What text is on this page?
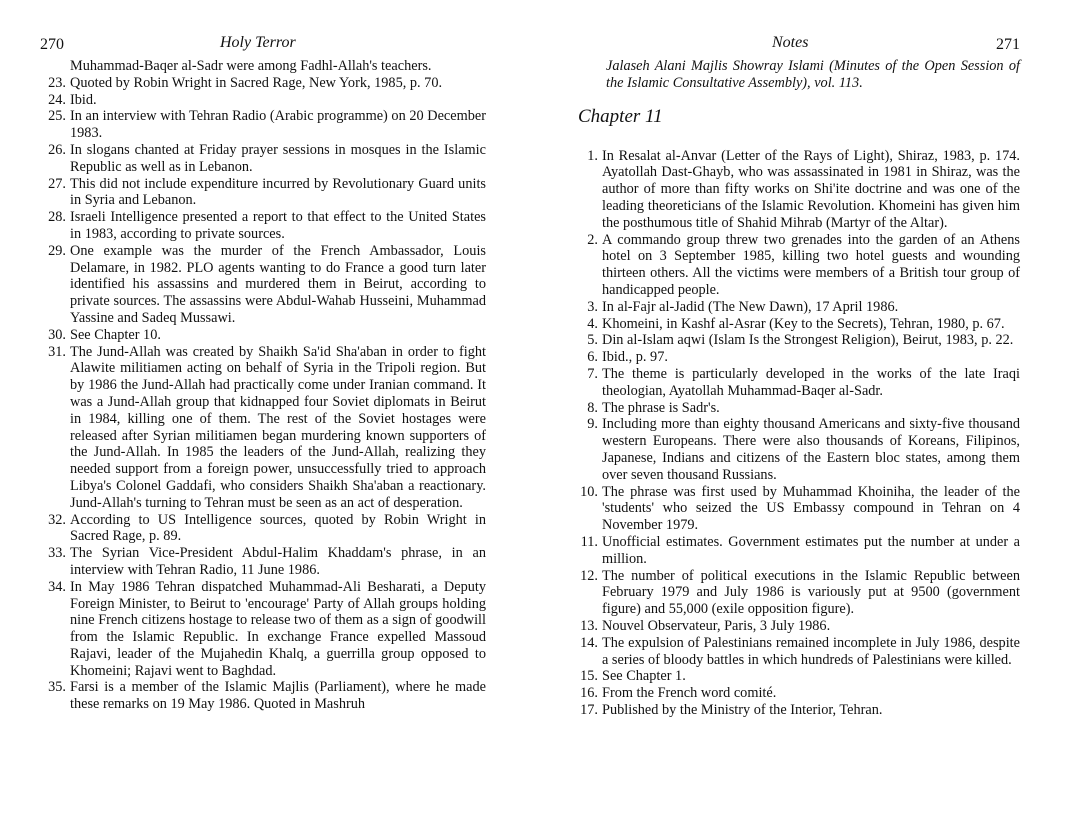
270	Holy Terror
Muhammad-Baqer al-Sadr were among Fadhl-Allah's teachers.
23. Quoted by Robin Wright in Sacred Rage, New York, 1985, p. 70.
24. Ibid.
25. In an interview with Tehran Radio (Arabic programme) on 20 December 1983.
26. In slogans chanted at Friday prayer sessions in mosques in the Islamic Republic as well as in Lebanon.
27. This did not include expenditure incurred by Revolutionary Guard units in Syria and Lebanon.
28. Israeli Intelligence presented a report to that effect to the United States in 1983, according to private sources.
29. One example was the murder of the French Ambassador, Louis Delamare, in 1982. PLO agents wanting to do France a good turn later identified his assassins and murdered them in Beirut, according to private sources. The assassins were Abdul-Wahab Husseini, Muhammad Yassine and Sadeq Mussawi.
30. See Chapter 10.
31. The Jund-Allah was created by Shaikh Sa'id Sha'aban in order to fight Alawite militiamen acting on behalf of Syria in the Tripoli region. But by 1986 the Jund-Allah had practically come under Iranian command. It was a Jund-Allah group that kidnapped four Soviet diplomats in Beirut in 1984, killing one of them. The rest of the Soviet hostages were released after Syrian militiamen began murdering known supporters of the Jund-Allah. In 1985 the leaders of the Jund-Allah, realizing they needed support from a foreign power, unsuccessfully tried to approach Libya's Colonel Gaddafi, who considers Shaikh Sha'aban a reactionary. Jund-Allah's turning to Tehran must be seen as an act of desperation.
32. According to US Intelligence sources, quoted by Robin Wright in Sacred Rage, p. 89.
33. The Syrian Vice-President Abdul-Halim Khaddam's phrase, in an interview with Tehran Radio, 11 June 1986.
34. In May 1986 Tehran dispatched Muhammad-Ali Besharati, a Deputy Foreign Minister, to Beirut to 'encourage' Party of Allah groups holding nine French citizens hostage to release two of them as a sign of goodwill from the Islamic Republic. In exchange France expelled Massoud Rajavi, leader of the Mujahedin Khalq, a guerrilla group opposed to Khomeini; Rajavi went to Baghdad.
35. Farsi is a member of the Islamic Majlis (Parliament), where he made these remarks on 19 May 1986. Quoted in Mashruh
Notes	271
Jalaseh Alani Majlis Showray Islami (Minutes of the Open Session of the Islamic Consultative Assembly), vol. 113.
Chapter 11
1. In Resalat al-Anvar (Letter of the Rays of Light), Shiraz, 1983, p. 174. Ayatollah Dast-Ghayb, who was assassinated in 1981 in Shiraz, was the author of more than fifty works on Shi'ite doctrine and was one of the leading theoreticians of the Islamic Revolution. Khomeini has given him the posthumous title of Shahid Mihrab (Martyr of the Altar).
2. A commando group threw two grenades into the garden of an Athens hotel on 3 September 1985, killing two hotel guests and wounding thirteen others. All the victims were members of a British tour group of handicapped people.
3. In al-Fajr al-Jadid (The New Dawn), 17 April 1986.
4. Khomeini, in Kashf al-Asrar (Key to the Secrets), Tehran, 1980, p. 67.
5. Din al-Islam aqwi (Islam Is the Strongest Religion), Beirut, 1983, p. 22.
6. Ibid., p. 97.
7. The theme is particularly developed in the works of the late Iraqi theologian, Ayatollah Muhammad-Baqer al-Sadr.
8. The phrase is Sadr's.
9. Including more than eighty thousand Americans and sixty-five thousand western Europeans. There were also thousands of Koreans, Filipinos, Japanese, Indians and citizens of the Eastern bloc states, among them over seven thousand Russians.
10. The phrase was first used by Muhammad Khoiniha, the leader of the 'students' who seized the US Embassy compound in Tehran on 4 November 1979.
11. Unofficial estimates. Government estimates put the number at under a million.
12. The number of political executions in the Islamic Republic between February 1979 and July 1986 is variously put at 9500 (government figure) and 55,000 (exile opposition figure).
13. Nouvel Observateur, Paris, 3 July 1986.
14. The expulsion of Palestinians remained incomplete in July 1986, despite a series of bloody battles in which hundreds of Palestinians were killed.
15. See Chapter 1.
16. From the French word comité.
17. Published by the Ministry of the Interior, Tehran.
